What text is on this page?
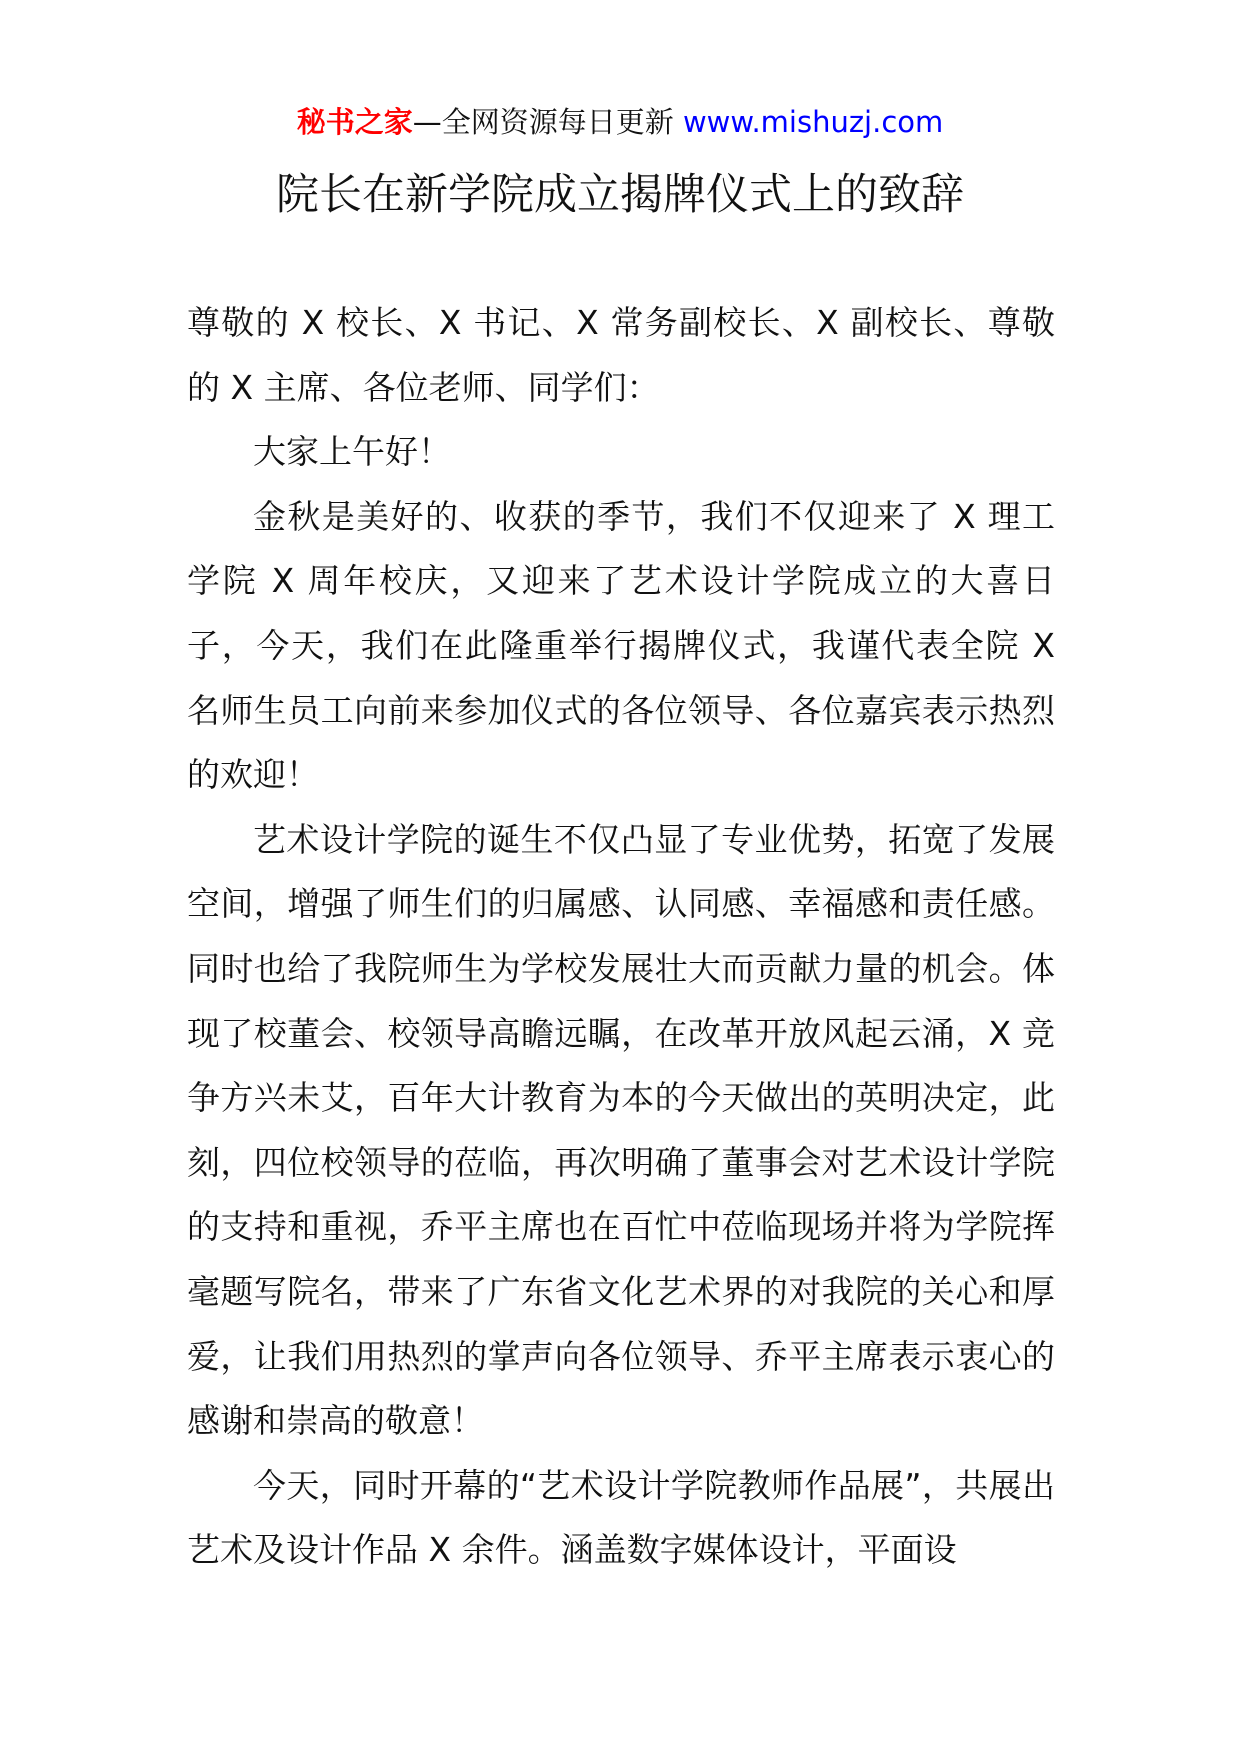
秘书之家—全网资源每日更新 www.mishuzj.com
院长在新学院成立揭牌仪式上的致辞

尊敬的 X 校长、X 书记、X 常务副校长、X 副校长、尊敬的 X 主席、各位老师、同学们：

大家上午好！

金秋是美好的、收获的季节，我们不仅迎来了 X 理工学院 X 周年校庆，又迎来了艺术设计学院成立的大喜日子，今天，我们在此隆重举行揭牌仪式，我谨代表全院 X 名师生员工向前来参加仪式的各位领导、各位嘉宾表示热烈的欢迎！

艺术设计学院的诞生不仅凸显了专业优势，拓宽了发展空间，增强了师生们的归属感、认同感、幸福感和责任感。同时也给了我院师生为学校发展壮大而贡献力量的机会。体现了校董会、校领导高瞻远瞩，在改革开放风起云涌，X 竞争方兴未艾，百年大计教育为本的今天做出的英明决定，此刻，四位校领导的莅临，再次明确了董事会对艺术设计学院的支持和重视，乔平主席也在百忙中莅临现场并将为学院挥毫题写院名，带来了广东省文化艺术界的对我院的关心和厚爱，让我们用热烈的掌声向各位领导、乔平主席表示衷心的感谢和崇高的敬意！

今天，同时开幕的“艺术设计学院教师作品展”，共展出艺术及设计作品 X 余件。涵盖数字媒体设计，平面设
